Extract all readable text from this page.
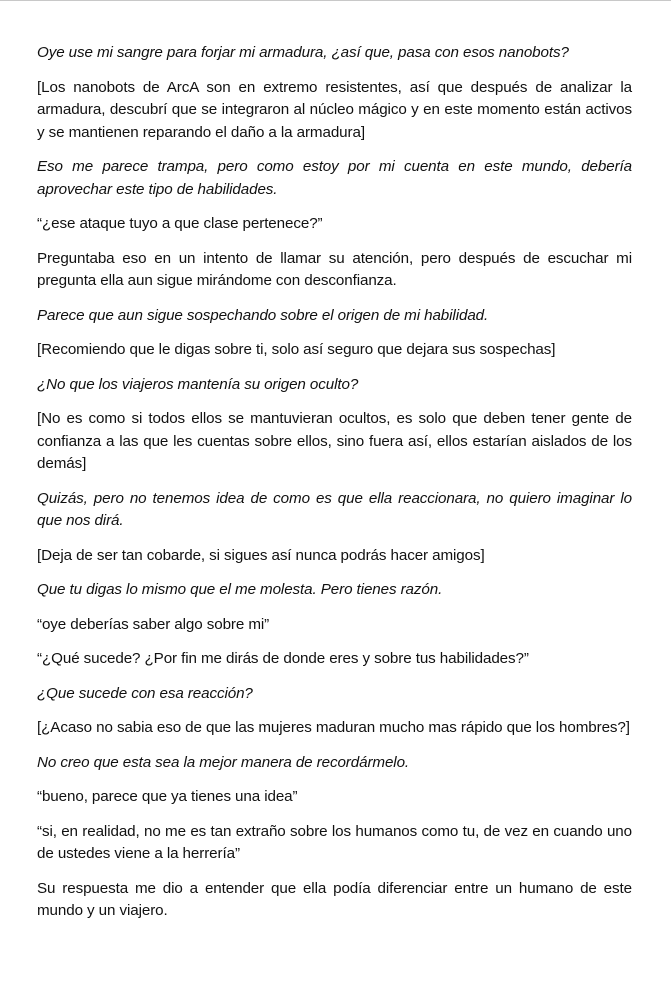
Oye use mi sangre para forjar mi armadura, ¿así que, pasa con esos nanobots?

[Los nanobots de ArcA son en extremo resistentes, así que después de analizar la armadura, descubrí que se integraron al núcleo mágico y en este momento están activos y se mantienen reparando el daño a la armadura]

Eso me parece trampa, pero como estoy por mi cuenta en este mundo, debería aprovechar este tipo de habilidades.

“¿ese ataque tuyo a que clase pertenece?”

Preguntaba eso en un intento de llamar su atención, pero después de escuchar mi pregunta ella aun sigue mirándome con desconfianza.

Parece que aun sigue sospechando sobre el origen de mi habilidad.

[Recomiendo que le digas sobre ti, solo así seguro que dejara sus sospechas]

¿No que los viajeros mantenía su origen oculto?

[No es como si todos ellos se mantuvieran ocultos, es solo que deben tener gente de confianza a las que les cuentas sobre ellos, sino fuera así, ellos estarían aislados de los demás]

Quizás, pero no tenemos idea de como es que ella reaccionara, no quiero imaginar lo que nos dirá.

[Deja de ser tan cobarde, si sigues así nunca podrás hacer amigos]

Que tu digas lo mismo que el me molesta. Pero tienes razón.

“oye deberías saber algo sobre mi”

“¿Qué sucede? ¿Por fin me dirás de donde eres y sobre tus habilidades?”

¿Que sucede con esa reacción?

[¿Acaso no sabia eso de que las mujeres maduran mucho mas rápido que los hombres?]

No creo que esta sea la mejor manera de recordármelo.

“bueno, parece que ya tienes una idea”

“si, en realidad, no me es tan extraño sobre los humanos como tu, de vez en cuando uno de ustedes viene a la herrería”

Su respuesta me dio a entender que ella podía diferenciar entre un humano de este mundo y un viajero.
